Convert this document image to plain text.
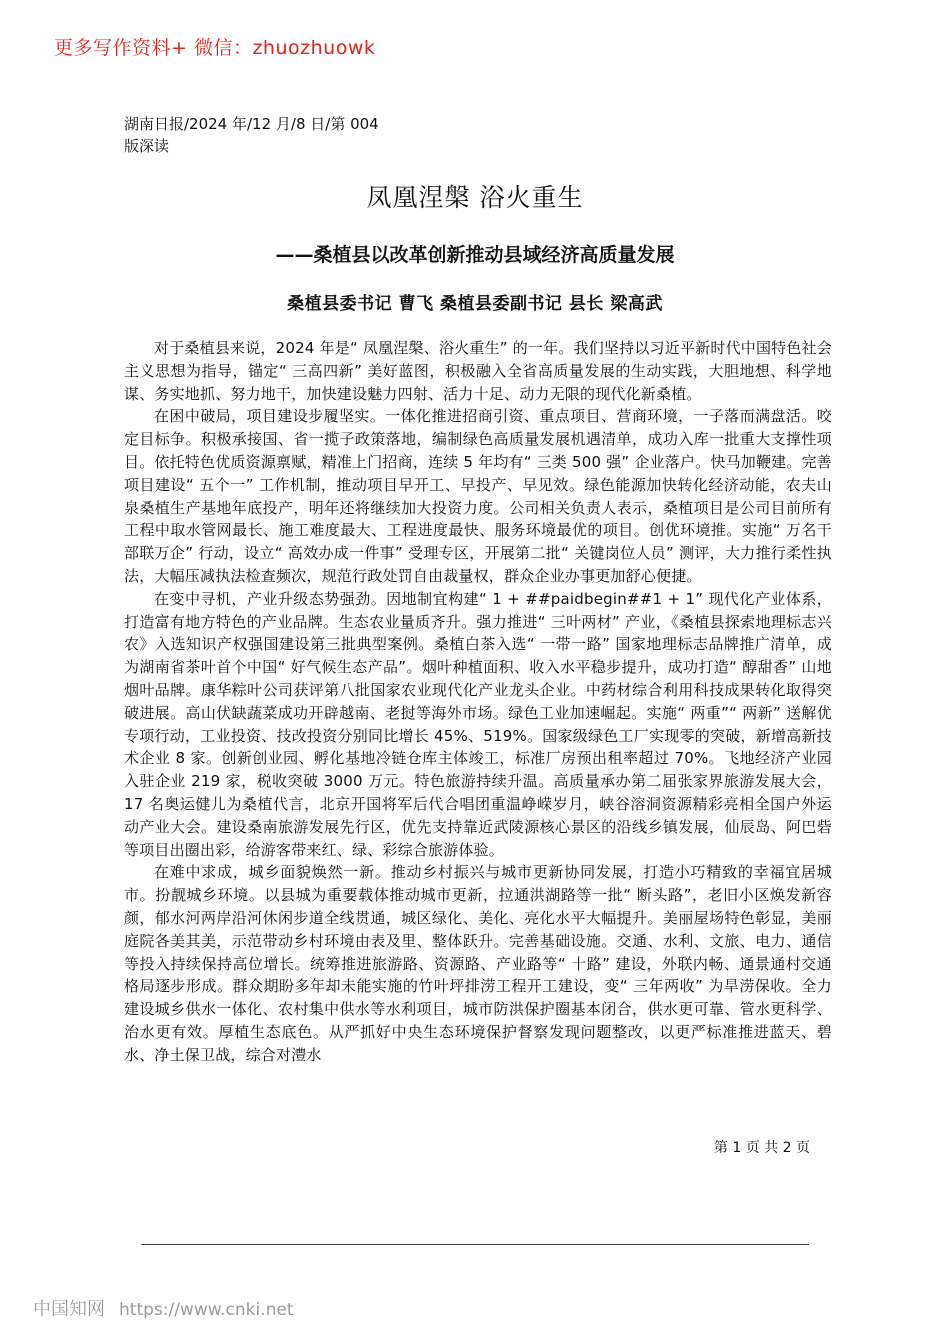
更多写作资料+ 微信：zhuozhuowk
湖南日报/2024 年/12 月/8 日/第 004
版深读
凤凰涅槃 浴火重生
——桑植县以改革创新推动县域经济高质量发展
桑植县委书记 曹飞 桑植县委副书记 县长 梁高武

对于桑植县来说，2024 年是“ 凤凰涅槃、浴火重生” 的一年。我们坚持以习近平新时代中国特色社会主义思想为指导，锚定“ 三高四新” 美好蓝图，积极融入全省高质量发展的生动实践，大胆地想、科学地谋、务实地抓、努力地干，加快建设魅力四射、活力十足、动力无限的现代化新桑植。

在困中破局，项目建设步履坚实。一体化推进招商引资、重点项目、营商环境，一子落而满盘活。咬定目标争。积极承接国、省一揽子政策落地，编制绿色高质量发展机遇清单，成功入库一批重大支撑性项目。依托特色优质资源禀赋，精准上门招商，连续 5 年均有“ 三类 500 强” 企业落户。快马加鞭建。完善项目建设“ 五个一” 工作机制，推动项目早开工、早投产、早见效。绿色能源加快转化经济动能，农夫山泉桑植生产基地年底投产，明年还将继续加大投资力度。公司相关负责人表示，桑植项目是公司目前所有工程中取水管网最长、施工难度最大、工程进度最快、服务环境最优的项目。创优环境推。实施“ 万名干部联万企” 行动，设立“ 高效办成一件事” 受理专区，开展第二批“ 关键岗位人员” 测评，大力推行柔性执法，大幅压减执法检查频次，规范行政处罚自由裁量权，群众企业办事更加舒心便捷。

在变中寻机，产业升级态势强劲。因地制宜构建“ 1 + ##paidbegin##1 + 1” 现代化产业体系，打造富有地方特色的产业品牌。生态农业量质齐升。强力推进“ 三叶两材” 产业，《桑植县探索地理标志兴农》入选知识产权强国建设第三批典型案例。桑植白茶入选“ 一带一路” 国家地理标志品牌推广清单，成为湖南省茶叶首个中国“ 好气候生态产品”。烟叶种植面积、收入水平稳步提升，成功打造“ 醇甜香” 山地烟叶品牌。康华粽叶公司获评第八批国家农业现代化产业龙头企业。中药材综合利用科技成果转化取得突破进展。高山伏缺蔬菜成功开辟越南、老挝等海外市场。绿色工业加速崛起。实施“ 两重”“ 两新” 送解优专项行动，工业投资、技改投资分别同比增长 45%、519%。国家级绿色工厂实现零的突破，新增高新技术企业 8 家。创新创业园、孵化基地冷链仓库主体竣工，标准厂房预出租率超过 70%。飞地经济产业园入驻企业 219 家，税收突破 3000 万元。特色旅游持续升温。高质量承办第二届张家界旅游发展大会，17 名奥运健儿为桑植代言，北京开国将军后代合唱团重温峥嵘岁月，峡谷溶洞资源精彩亮相全国户外运动产业大会。建设桑南旅游发展先行区，优先支持靠近武陵源核心景区的沿线乡镇发展，仙辰岛、阿巴砦等项目出圈出彩，给游客带来红、绿、彩综合旅游体验。

在难中求成，城乡面貌焕然一新。推动乡村振兴与城市更新协同发展，打造小巧精致的幸福宜居城市。扮靓城乡环境。以县城为重要载体推动城市更新，拉通洪湖路等一批“ 断头路”，老旧小区焕发新容颜，郁水河两岸沿河休闲步道全线贯通，城区绿化、美化、亮化水平大幅提升。美丽屋场特色彰显，美丽庭院各美其美，示范带动乡村环境由表及里、整体跃升。完善基础设施。交通、水利、文旅、电力、通信等投入持续保持高位增长。统筹推进旅游路、资源路、产业路等“ 十路” 建设，外联内畅、通景通村交通格局逐步形成。群众期盼多年却未能实施的竹叶坪排涝工程开工建设，变“ 三年两收” 为旱涝保收。全力建设城乡供水一体化、农村集中供水等水利项目，城市防洪保护圈基本闭合，供水更可靠、管水更科学、治水更有效。厚植生态底色。从严抓好中央生态环境保护督察发现问题整改，以更严标准推进蓝天、碧水、净土保卫战，综合对澧水

第 1 页 共 2 页
中国知网 https://www.cnki.net
